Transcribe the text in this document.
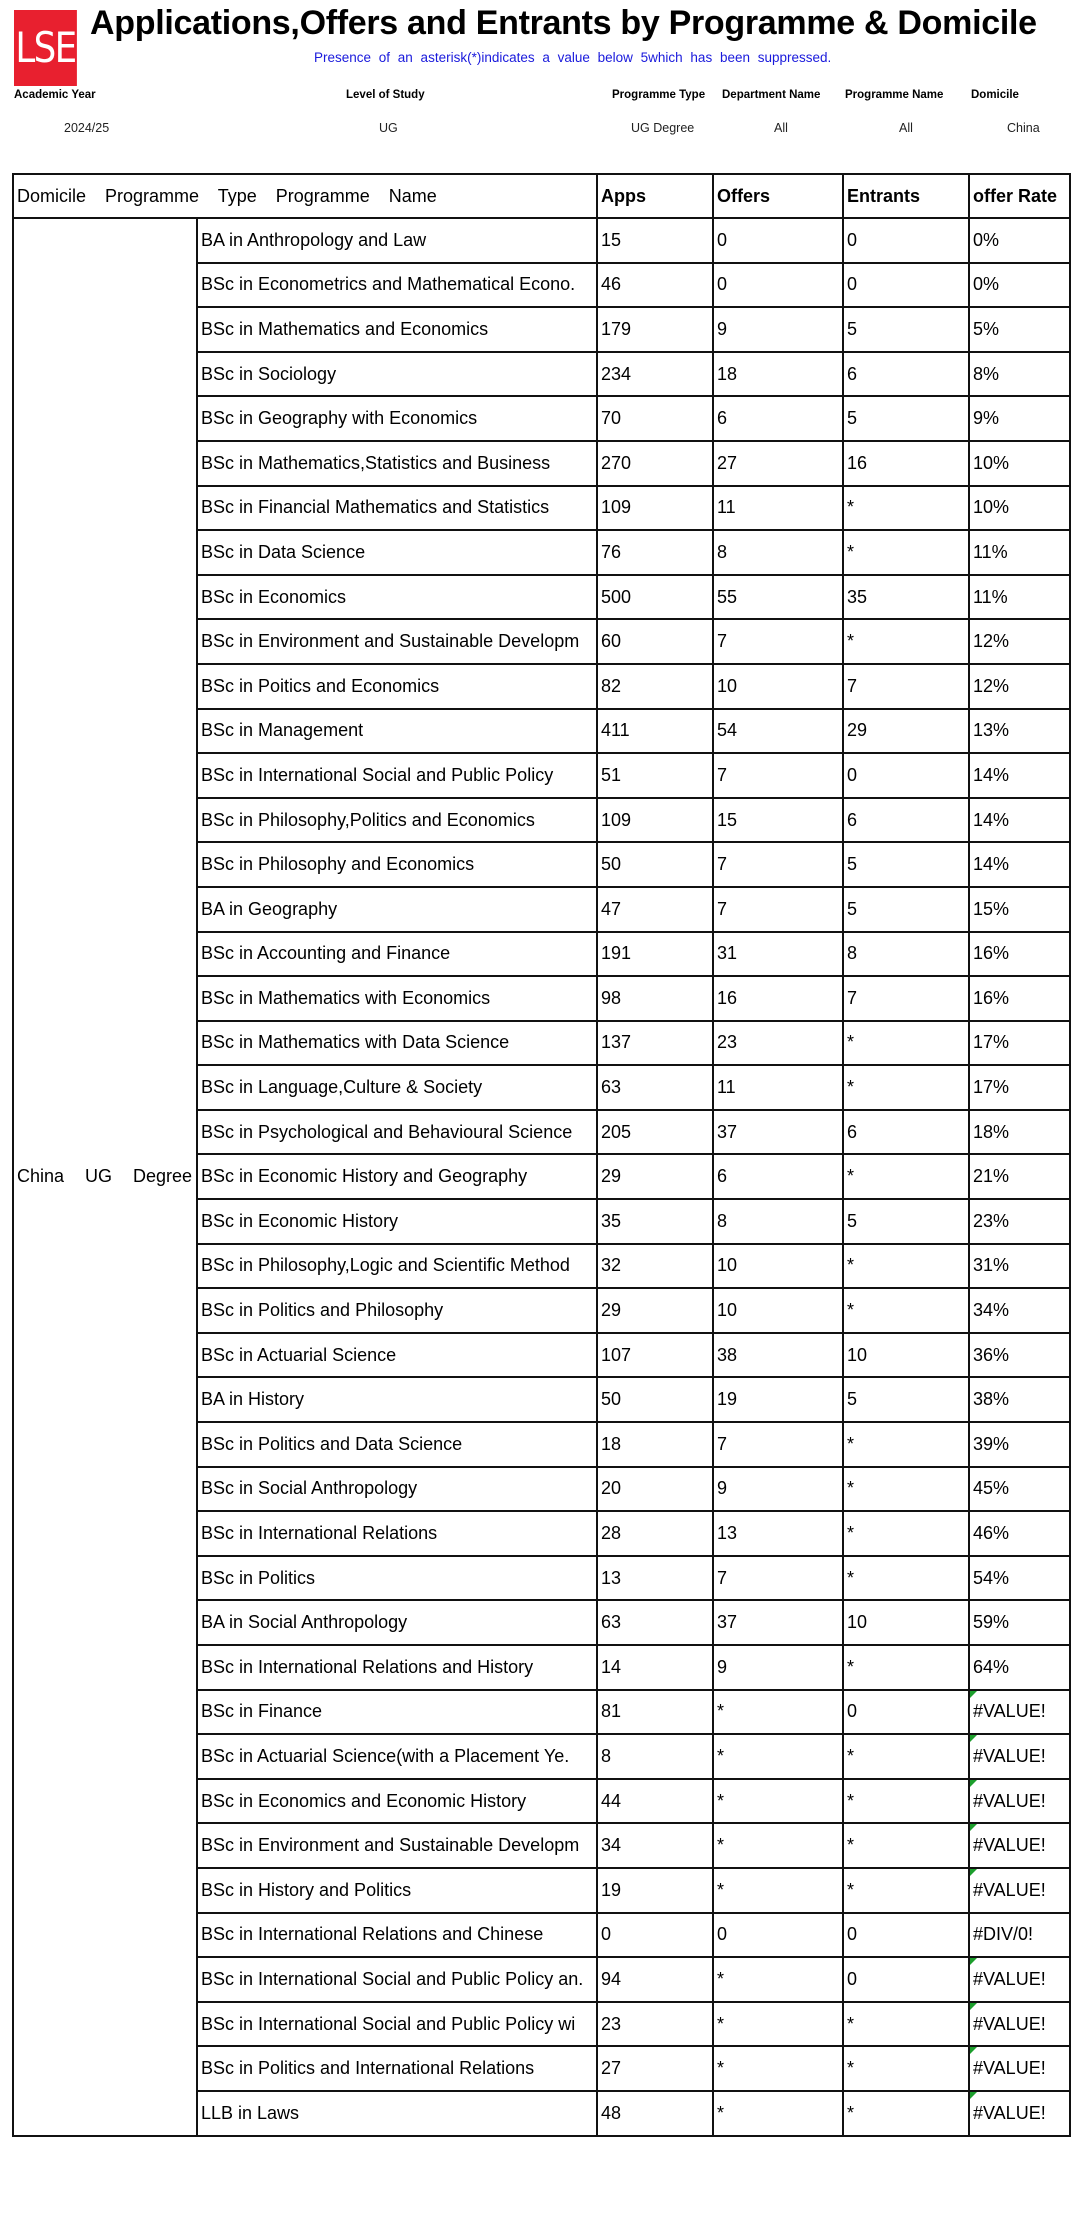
LSE Applications,Offers and Entrants by Programme & Domicile
Presence of an asterisk(*)indicates a value below 5which has been suppressed.
Academic Year
2024/25
Level of Study
UG
Programme Type
UG Degree
Department Name
All
Programme Name
All
Domicile
China
Domicile Programme Type Programme Name		Apps	Offers	Entrants	offer Rate
China UG Degree	BA in Anthropology and Law	15	0	0	0%
	BSc in Econometrics and Mathematical Econo.	46	0	0	0%
	BSc in Mathematics and Economics	179	9	5	5%
	BSc in Sociology	234	18	6	8%
	BSc in Geography with Economics	70	6	5	9%
	BSc in Mathematics,Statistics and Business	270	27	16	10%
	BSc in Financial Mathematics and Statistics	109	11	*	10%
	BSc in Data Science	76	8	*	11%
	BSc in Economics	500	55	35	11%
	BSc in Environment and Sustainable Developm	60	7	*	12%
	BSc in Poitics and Economics	82	10	7	12%
	BSc in Management	411	54	29	13%
	BSc in International Social and Public Policy	51	7	0	14%
	BSc in Philosophy,Politics and Economics	109	15	6	14%
	BSc in Philosophy and Economics	50	7	5	14%
	BA in Geography	47	7	5	15%
	BSc in Accounting and Finance	191	31	8	16%
	BSc in Mathematics with Economics	98	16	7	16%
	BSc in Mathematics with Data Science	137	23	*	17%
	BSc in Language,Culture & Society	63	11	*	17%
	BSc in Psychological and Behavioural Science	205	37	6	18%
	BSc in Economic History and Geography	29	6	*	21%
	BSc in Economic History	35	8	5	23%
	BSc in Philosophy,Logic and Scientific Method	32	10	*	31%
	BSc in Politics and Philosophy	29	10	*	34%
	BSc in Actuarial Science	107	38	10	36%
	BA in History	50	19	5	38%
	BSc in Politics and Data Science	18	7	*	39%
	BSc in Social Anthropology	20	9	*	45%
	BSc in International Relations	28	13	*	46%
	BSc in Politics	13	7	*	54%
	BA in Social Anthropology	63	37	10	59%
	BSc in International Relations and History	14	9	*	64%
	BSc in Finance	81	*	0	#VALUE!
	BSc in Actuarial Science(with a Placement Ye.	8	*	*	#VALUE!
	BSc in Economics and Economic History	44	*	*	#VALUE!
	BSc in Environment and Sustainable Developm	34	*	*	#VALUE!
	BSc in History and Politics	19	*	*	#VALUE!
	BSc in International Relations and Chinese	0	0	0	#DIV/0!
	BSc in International Social and Public Policy an.	94	*	0	#VALUE!
	BSc in International Social and Public Policy wi	23	*	*	#VALUE!
	BSc in Politics and International Relations	27	*	*	#VALUE!
	LLB in Laws	48	*	*	#VALUE!
